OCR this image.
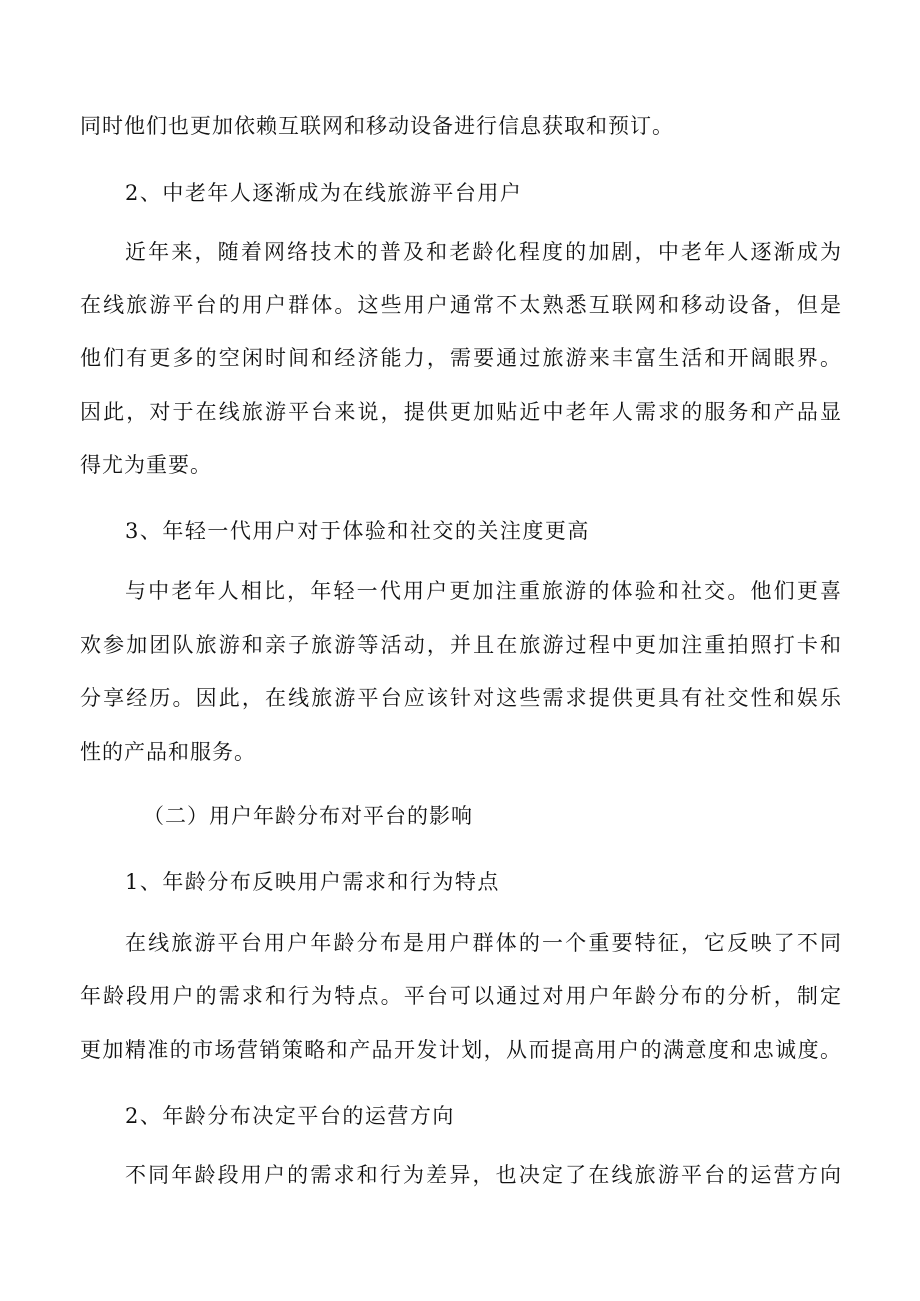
同时他们也更加依赖互联网和移动设备进行信息获取和预订。

2、中老年人逐渐成为在线旅游平台用户

近年来，随着网络技术的普及和老龄化程度的加剧，中老年人逐渐成为

在线旅游平台的用户群体。这些用户通常不太熟悉互联网和移动设备，但是

他们有更多的空闲时间和经济能力，需要通过旅游来丰富生活和开阔眼界。

因此，对于在线旅游平台来说，提供更加贴近中老年人需求的服务和产品显

得尤为重要。

3、年轻一代用户对于体验和社交的关注度更高

与中老年人相比，年轻一代用户更加注重旅游的体验和社交。他们更喜

欢参加团队旅游和亲子旅游等活动，并且在旅游过程中更加注重拍照打卡和

分享经历。因此，在线旅游平台应该针对这些需求提供更具有社交性和娱乐

性的产品和服务。

（二）用户年龄分布对平台的影响

1、年龄分布反映用户需求和行为特点

在线旅游平台用户年龄分布是用户群体的一个重要特征，它反映了不同

年龄段用户的需求和行为特点。平台可以通过对用户年龄分布的分析，制定

更加精准的市场营销策略和产品开发计划，从而提高用户的满意度和忠诚度。

2、年龄分布决定平台的运营方向

不同年龄段用户的需求和行为差异，也决定了在线旅游平台的运营方向
